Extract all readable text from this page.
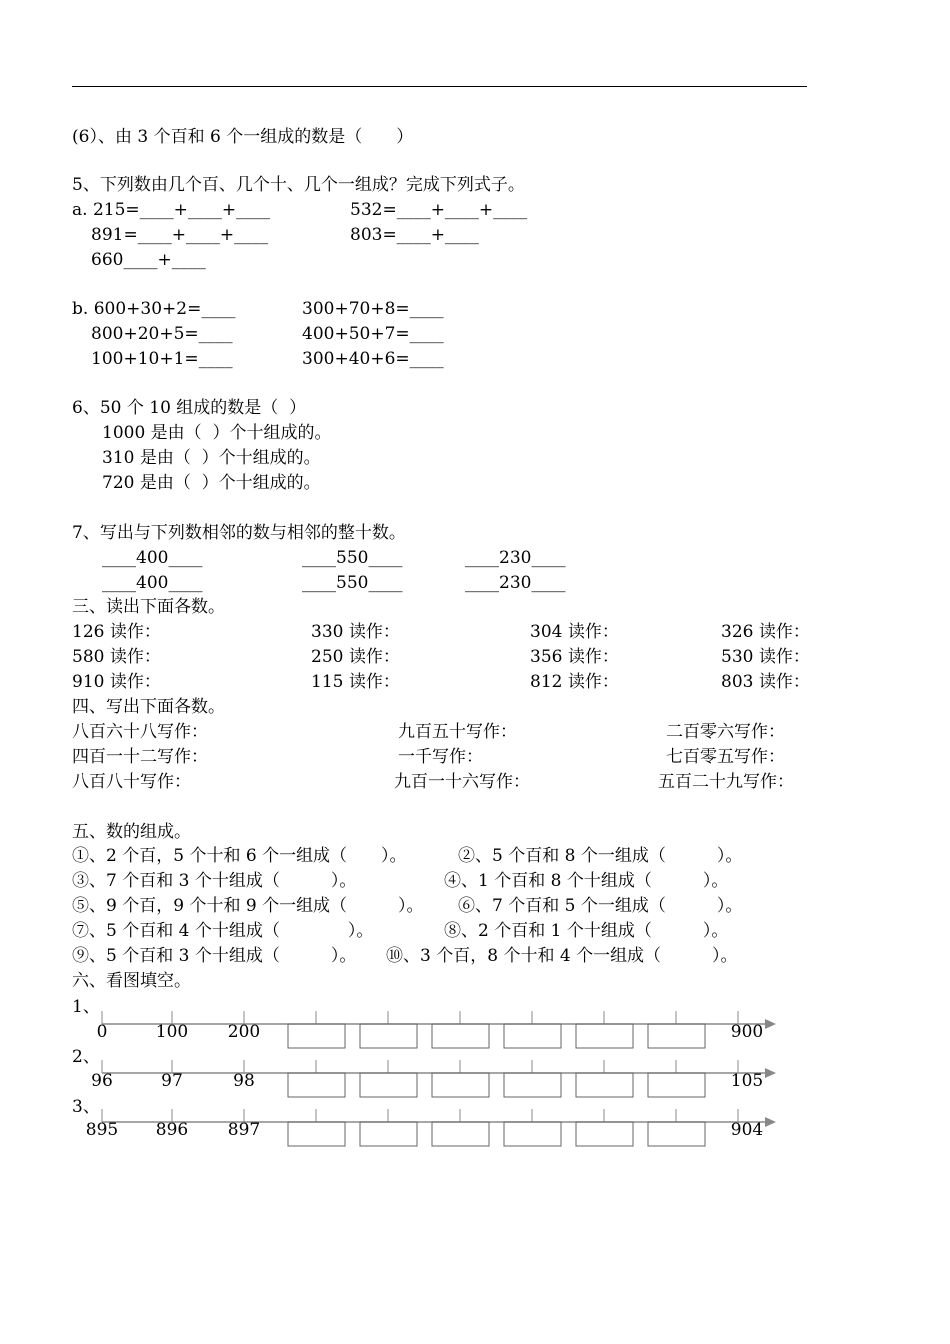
(6）、由 3 个百和 6 个一组成的数是（　　）
5、下列数由几个百、几个十、几个一组成？完成下列式子。
a. 215=____+____+____	532=____+____+____
891=____+____+____	803=____+____
660____+____
b. 600+30+2=____	300+70+8=____
800+20+5=____	400+50+7=____
100+10+1=____	300+40+6=____
6、50 个 10 组成的数是（  ）
1000 是由（  ）个十组成的。
310 是由（  ）个十组成的。
720 是由（  ）个十组成的。
7、写出与下列数相邻的数与相邻的整十数。
____400____	____550____	____230____
____400____	____550____	____230____
三、读出下面各数。
126 读作：	330 读作：	304 读作：	326 读作：
580 读作：	250 读作：	356 读作：	530 读作：
910 读作：	115 读作：	812 读作：	803 读作：
四、写出下面各数。
八百六十八写作：	九百五十写作：	二百零六写作：
四百一十二写作：	一千写作：	七百零五写作：
八百八十写作：	九百一十六写作：	五百二十九写作：
五、数的组成。
①、2 个百，5 个十和 6 个一组成（　　）。	②、5 个百和 8 个一组成（　　　）。
③、7 个百和 3 个十组成（　　　）。	④、1 个百和 8 个十组成（　　　）。
⑤、9 个百，9 个十和 9 个一组成（　　　）。 ⑥、7 个百和 5 个一组成（　　　）。
⑦、5 个百和 4 个十组成（　　　　）。	⑧、2 个百和 1 个十组成（　　　）。
⑨、5 个百和 3 个十组成（　　　）。 ⑩、3 个百，8 个十和 4 个一组成（　　　）。
六、看图填空。
1、
2、
3、
0	100 200	900
96	97	98	105
895 896 897	904
